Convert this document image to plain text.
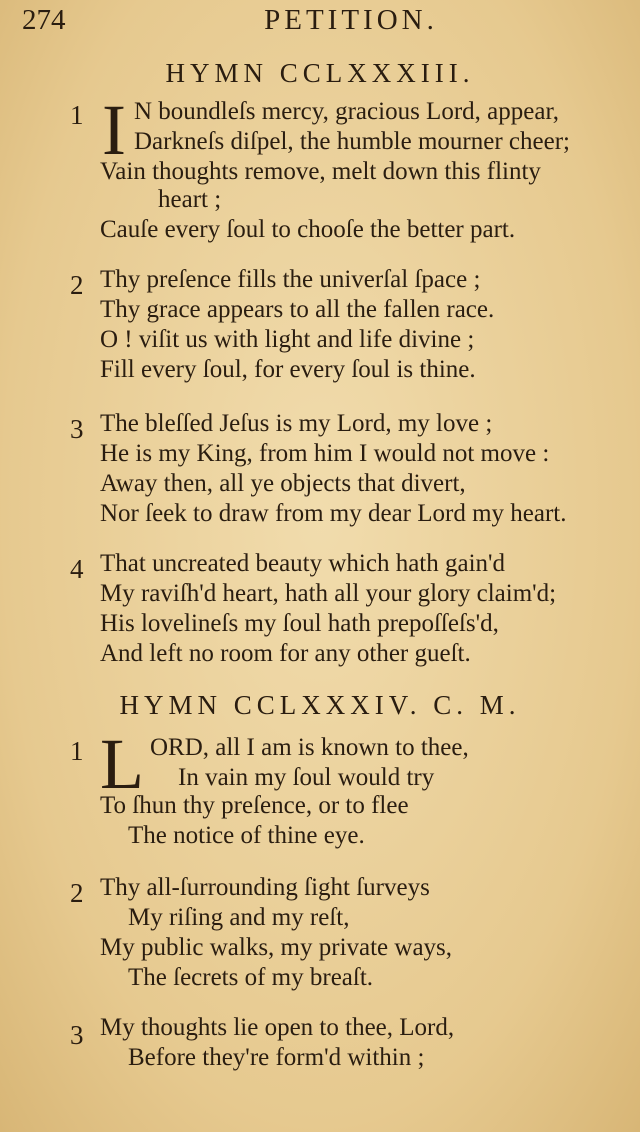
274	PETITION.
HYMN CCLXXXIII.
1 I N boundleſs mercy, gracious Lord, appear,
Darkneſs diſpel, the humble mourner cheer;
Vain thoughts remove, melt down this flinty
heart ;
Cauſe every ſoul to chooſe the better part.
2 Thy preſence fills the univerſal ſpace ;
Thy grace appears to all the fallen race.
O ! viſit us with light and life divine ;
Fill every ſoul, for every ſoul is thine.
3 The bleſſed Jeſus is my Lord, my love ;
He is my King, from him I would not move :
Away then, all ye objects that divert,
Nor ſeek to draw from my dear Lord my heart.
4 That uncreated beauty which hath gain'd
My raviſh'd heart, hath all your glory claim'd;
His lovelineſs my ſoul hath prepoſſeſs'd,
And left no room for any other gueſt.
HYMN CCLXXXIV. C. M.
1 L ORD, all I am is known to thee,
In vain my ſoul would try
To ſhun thy preſence, or to flee
The notice of thine eye.
2 Thy all-ſurrounding ſight ſurveys
My riſing and my reſt,
My public walks, my private ways,
The ſecrets of my breaſt.
3 My thoughts lie open to thee, Lord,
Before they're form'd within ;
